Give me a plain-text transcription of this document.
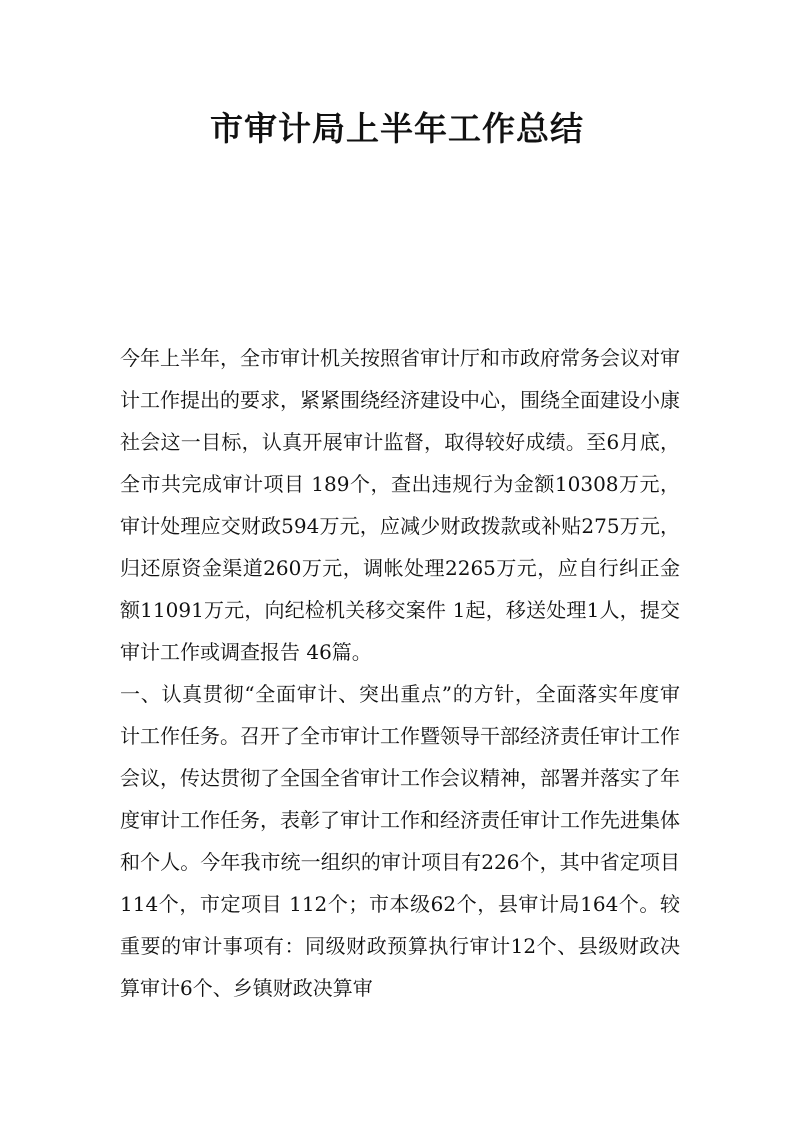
市审计局上半年工作总结

今年上半年，全市审计机关按照省审计厅和市政府常务会议对审计工作提出的要求，紧紧围绕经济建设中心，围绕全面建设小康社会这一目标，认真开展审计监督，取得较好成绩。至6月底，全市共完成审计项目 189个，查出违规行为金额10308万元，审计处理应交财政594万元，应减少财政拨款或补贴275万元，归还原资金渠道260万元，调帐处理2265万元，应自行纠正金额11091万元，向纪检机关移交案件 1起，移送处理1人，提交审计工作或调查报告 46篇。

一、认真贯彻“全面审计、突出重点”的方针，全面落实年度审计工作任务。召开了全市审计工作暨领导干部经济责任审计工作会议，传达贯彻了全国全省审计工作会议精神，部署并落实了年度审计工作任务，表彰了审计工作和经济责任审计工作先进集体和个人。今年我市统一组织的审计项目有226个，其中省定项目 114个，市定项目 112个；市本级62个，县审计局164个。较重要的审计事项有：同级财政预算执行审计12个、县级财政决算审计6个、乡镇财政决算审
